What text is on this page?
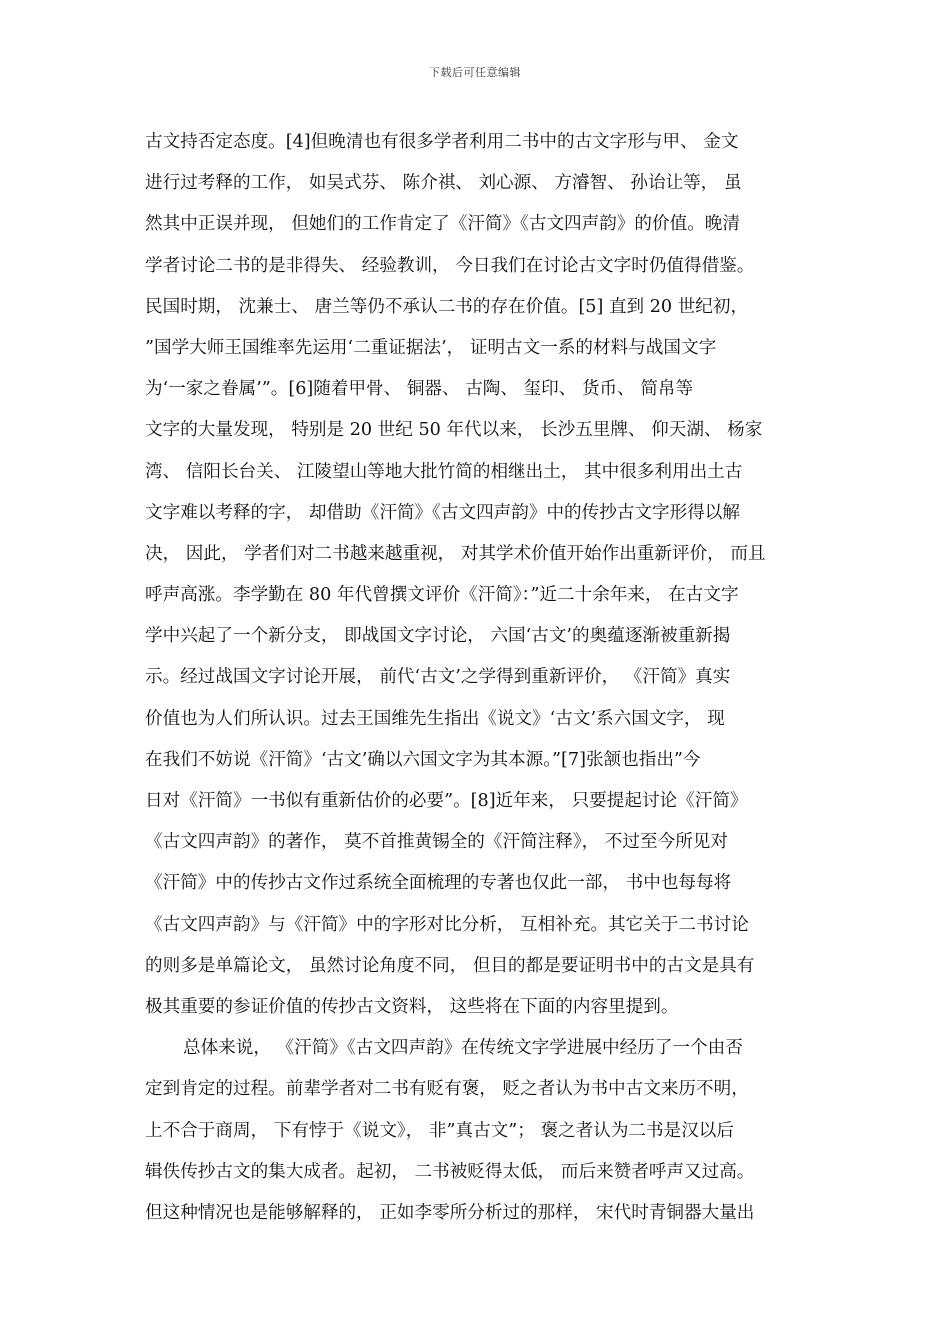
下载后可任意编辑
古文持否定态度。[4]但晚清也有很多学者利用二书中的古文字形与甲、 金文
进行过考释的工作， 如吴式芬、 陈介祺、 刘心源、 方濬智、 孙诒让等， 虽
然其中正误并现， 但她们的工作肯定了《汗简》《古文四声韵》的价值。晚清
学者讨论二书的是非得失、 经验教训， 今日我们在讨论古文字时仍值得借鉴。
民国时期， 沈兼士、 唐兰等仍不承认二书的存在价值。[5] 直到 20 世纪初，
”国学大师王国维率先运用‘二重证据法’， 证明古文一系的材料与战国文字
为‘一家之眷属’”。[6]随着甲骨、 铜器、 古陶、 玺印、 货币、 简帛等
文字的大量发现， 特别是 20 世纪 50 年代以来， 长沙五里牌、 仰天湖、 杨家
湾、 信阳长台关、 江陵望山等地大批竹简的相继出土， 其中很多利用出土古
文字难以考释的字， 却借助《汗简》《古文四声韵》中的传抄古文字形得以解
决， 因此， 学者们对二书越来越重视， 对其学术价值开始作出重新评价， 而且
呼声高涨。李学勤在 80 年代曾撰文评价《汗简》：”近二十余年来， 在古文字
学中兴起了一个新分支， 即战国文字讨论， 六国‘古文’的奥蕴逐渐被重新揭
示。经过战国文字讨论开展， 前代‘古文’之学得到重新评价， 《汗简》真实
价值也为人们所认识。过去王国维先生指出《说文》‘古文’系六国文字， 现
在我们不妨说《汗简》‘古文’确以六国文字为其本源。”[7]张颔也指出”今
日对《汗简》一书似有重新估价的必要”。[8]近年来， 只要提起讨论《汗简》
《古文四声韵》的著作， 莫不首推黄锡全的《汗简注释》， 不过至今所见对
《汗简》中的传抄古文作过系统全面梳理的专著也仅此一部， 书中也每每将
《古文四声韵》与《汗简》中的字形对比分析， 互相补充。其它关于二书讨论
的则多是单篇论文， 虽然讨论角度不同， 但目的都是要证明书中的古文是具有
极其重要的参证价值的传抄古文资料， 这些将在下面的内容里提到。
总体来说， 《汗简》《古文四声韵》在传统文字学进展中经历了一个由否
定到肯定的过程。前辈学者对二书有贬有褒， 贬之者认为书中古文来历不明，
上不合于商周， 下有悖于《说文》， 非”真古文”； 褒之者认为二书是汉以后
辑佚传抄古文的集大成者。起初， 二书被贬得太低， 而后来赞者呼声又过高。
但这种情况也是能够解释的， 正如李零所分析过的那样， 宋代时青铜器大量出
